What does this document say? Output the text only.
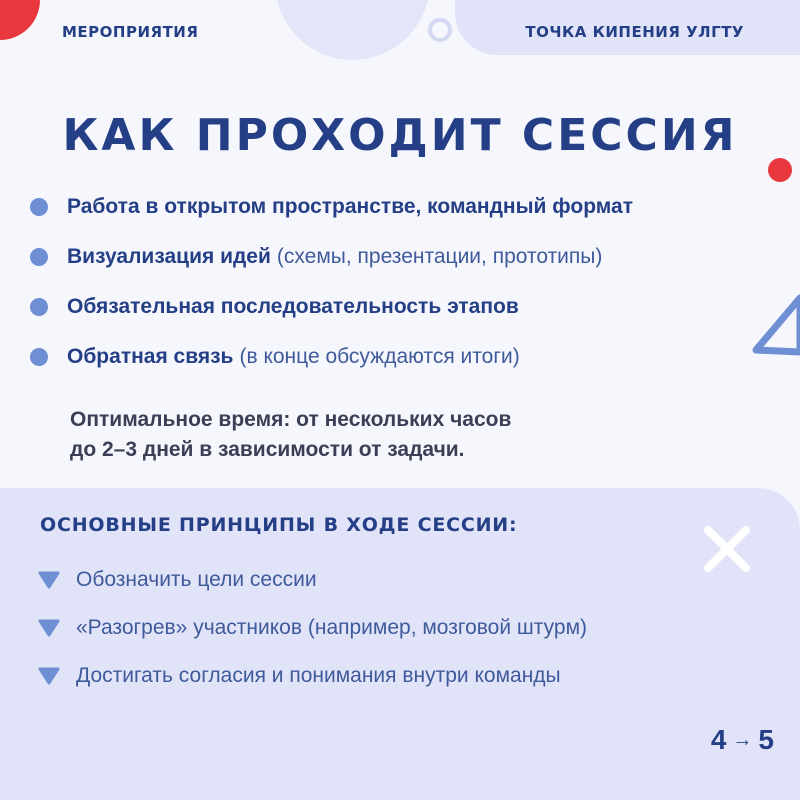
МЕРОПРИЯТИЯ	ТОЧКА КИПЕНИЯ УЛГТУ
КАК ПРОХОДИТ СЕССИЯ
Работа в открытом пространстве, командный формат
Визуализация идей (схемы, презентации, прототипы)
Обязательная последовательность этапов
Обратная связь (в конце обсуждаются итоги)
Оптимальное время: от нескольких часов
до 2–3 дней в зависимости от задачи.
ОСНОВНЫЕ ПРИНЦИПЫ В ХОДЕ СЕССИИ:
Обозначить цели сессии
«Разогрев» участников (например, мозговой штурм)
Достигать согласия и понимания внутри команды
4 → 5
